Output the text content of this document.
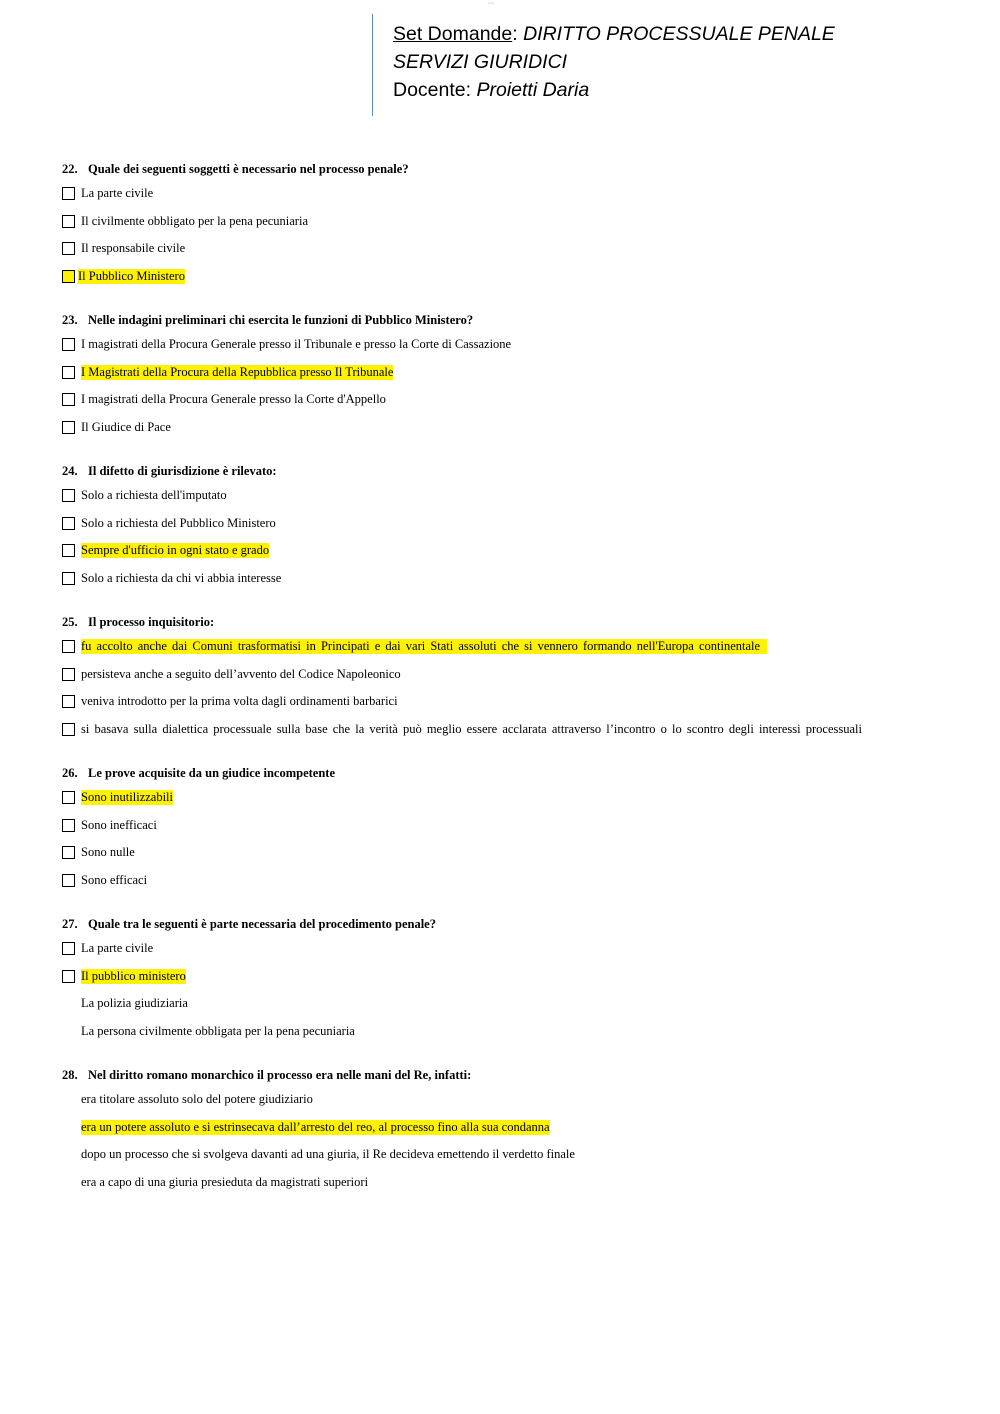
▪▪▪▪▪▪
Set Domande: DIRITTO PROCESSUALE PENALE
SERVIZI GIURIDICI
Docente: Proietti Daria
22. Quale dei seguenti soggetti è necessario nel processo penale?
La parte civile
Il civilmente obbligato per la pena pecuniaria
Il responsabile civile
Il Pubblico Ministero
23. Nelle indagini preliminari chi esercita le funzioni di Pubblico Ministero?
I magistrati della Procura Generale presso il Tribunale e presso la Corte di Cassazione
I Magistrati della Procura della Repubblica presso Il Tribunale
I magistrati della Procura Generale presso la Corte d'Appello
Il Giudice di Pace
24. Il difetto di giurisdizione è rilevato:
Solo a richiesta dell'imputato
Solo a richiesta del Pubblico Ministero
Sempre d'ufficio in ogni stato e grado
Solo a richiesta da chi vi abbia interesse
25. Il processo inquisitorio:
fu accolto anche dai Comuni trasformatisi in Principati e dai vari Stati assoluti che si vennero formando nell'Europa continentale
persisteva anche a seguito dell’avvento del Codice Napoleonico
veniva introdotto per la prima volta dagli ordinamenti barbarici
si basava sulla dialettica processuale sulla base che la verità può meglio essere acclarata attraverso l’incontro o lo scontro degli interessi processuali
26. Le prove acquisite da un giudice incompetente
Sono inutilizzabili
Sono inefficaci
Sono nulle
Sono efficaci
27. Quale tra le seguenti è parte necessaria del procedimento penale?
La parte civile
Il pubblico ministero
La polizia giudiziaria
La persona civilmente obbligata per la pena pecuniaria
28. Nel diritto romano monarchico il processo era nelle mani del Re, infatti:
era titolare assoluto solo del potere giudiziario
era un potere assoluto e si estrinsecava dall’arresto del reo, al processo fino alla sua condanna
dopo un processo che si svolgeva davanti ad una giuria, il Re decideva emettendo il verdetto finale
era a capo di una giuria presieduta da magistrati superiori
